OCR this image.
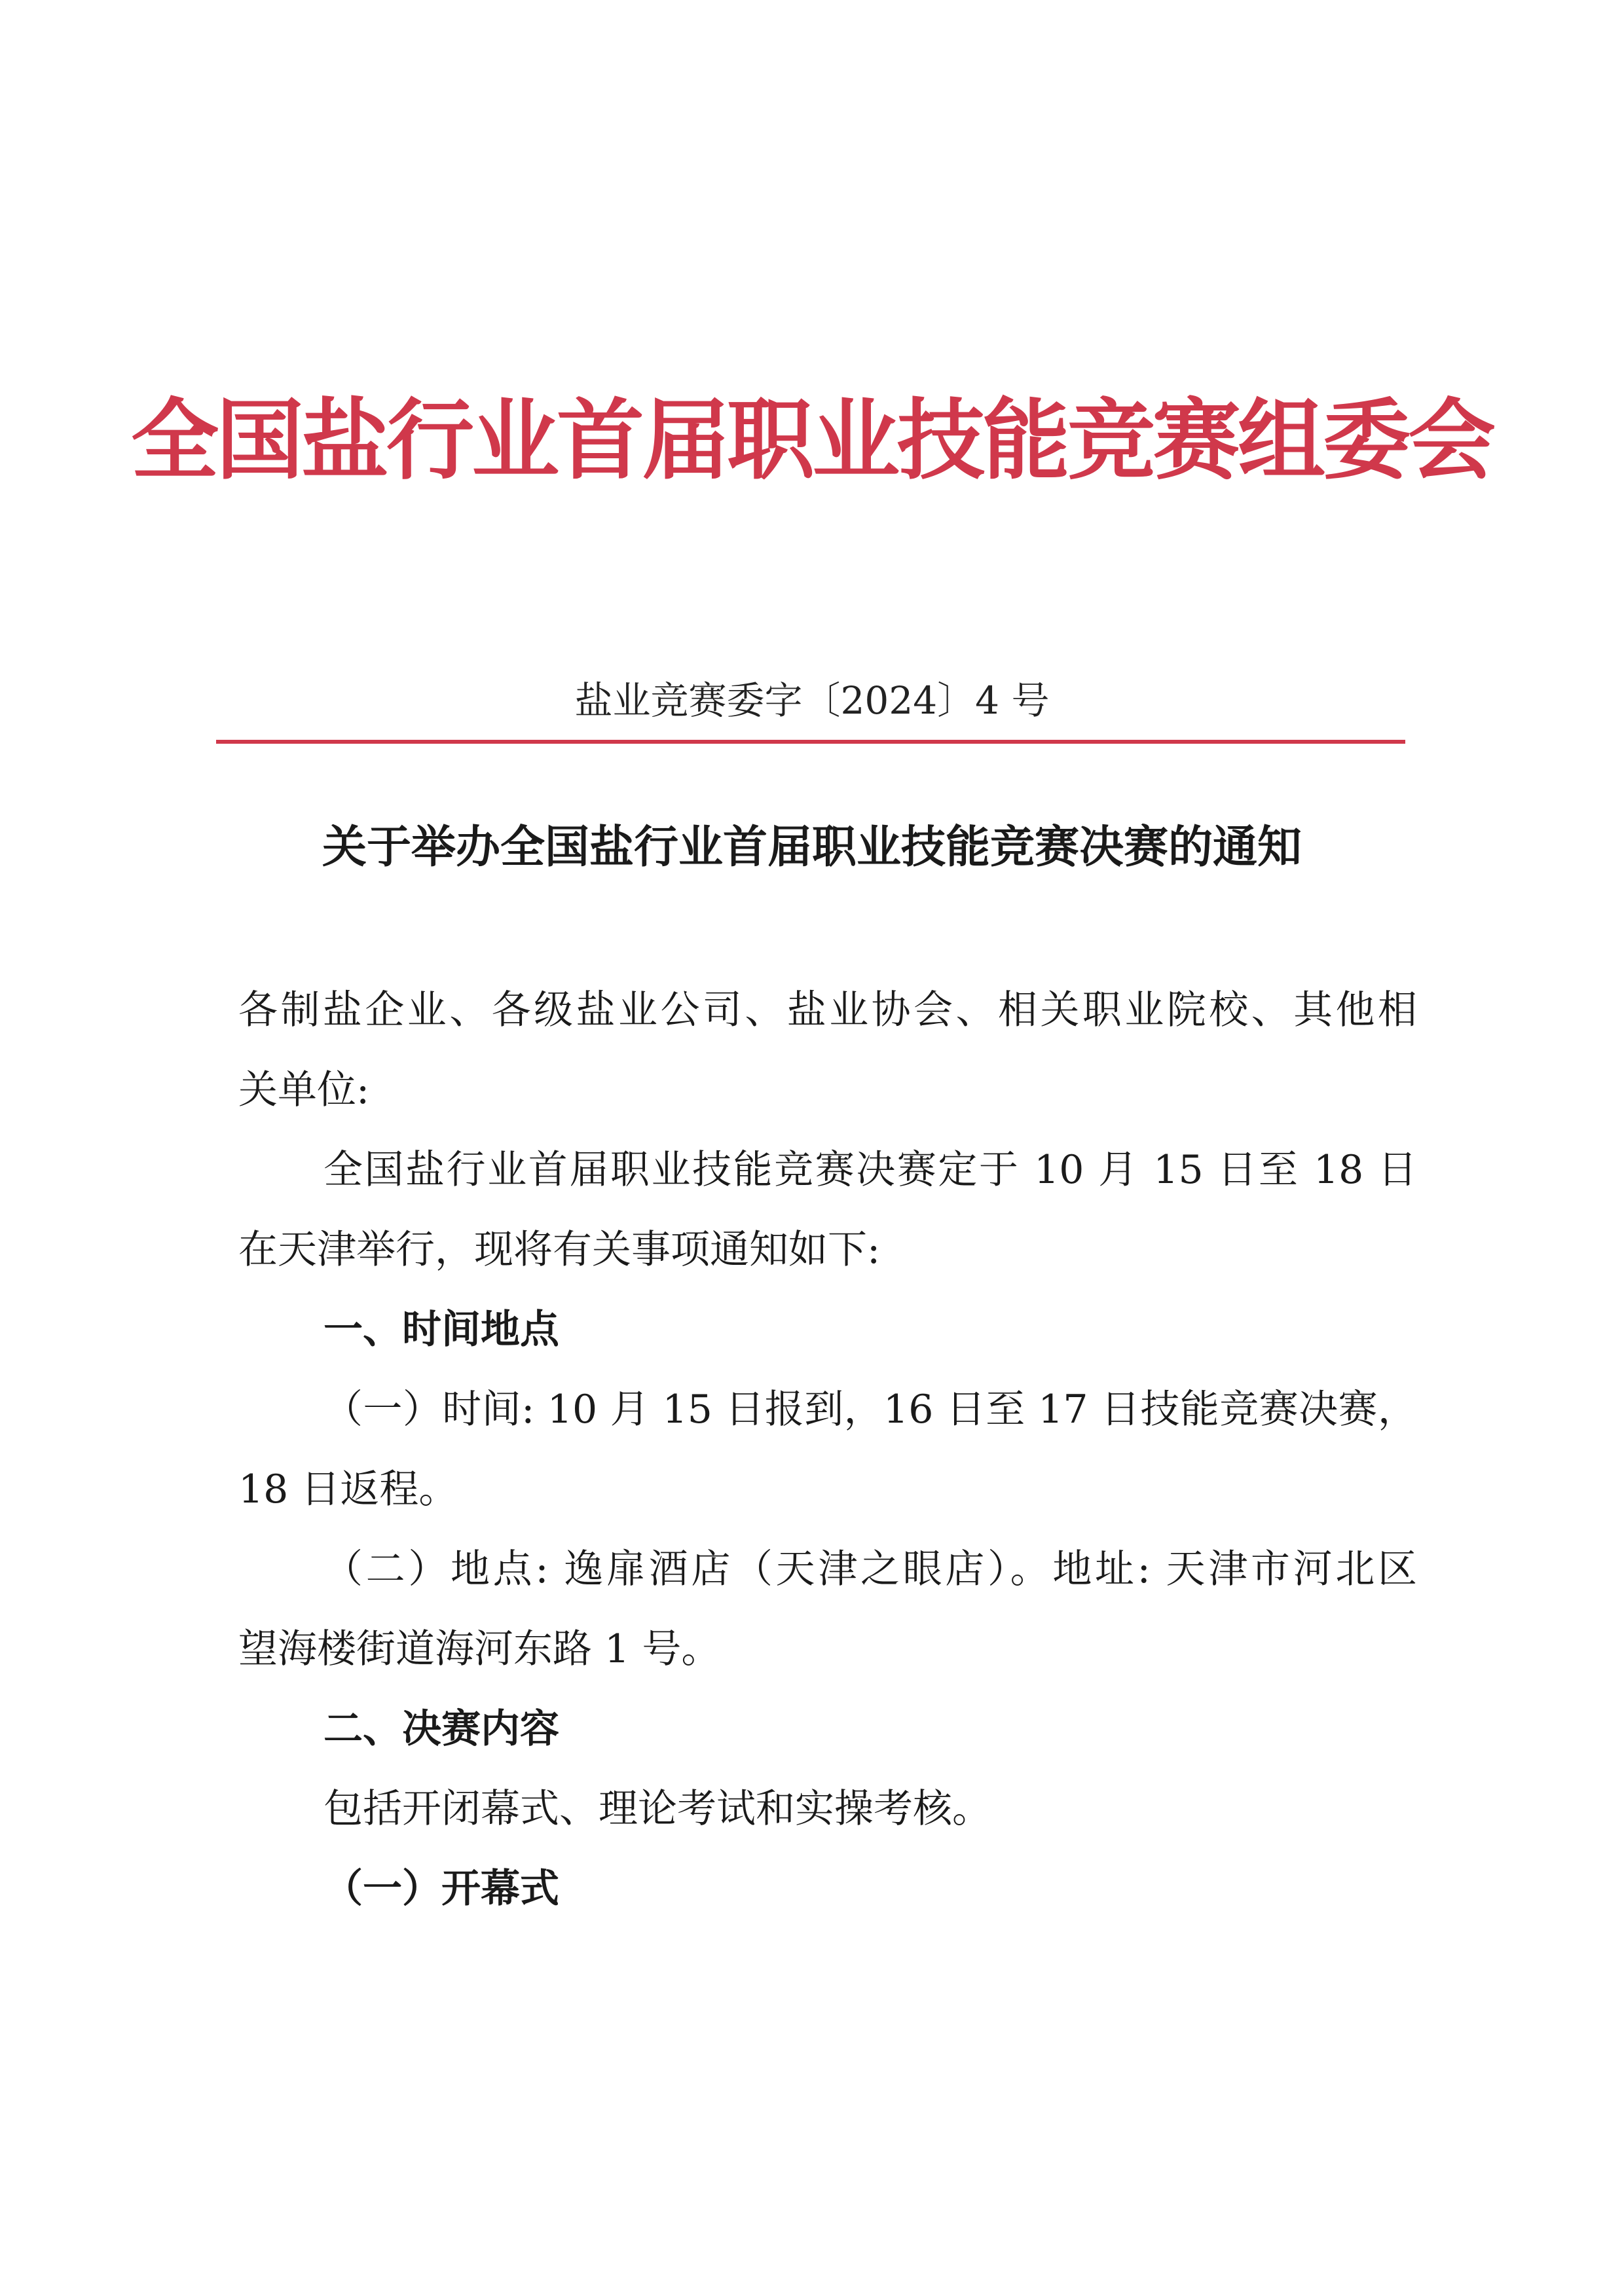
全国盐行业首届职业技能竞赛组委会
盐业竞赛委字〔2024〕4 号
关于举办全国盐行业首届职业技能竞赛决赛的通知
各制盐企业、各级盐业公司、盐业协会、相关职业院校、其他相
关单位:
全国盐行业首届职业技能竞赛决赛定于 10 月 15 日至 18 日
在天津举行，现将有关事项通知如下:
一、时间地点
（一）时间: 10 月 15 日报到，16 日至 17 日技能竞赛决赛，
18 日返程。
（二）地点: 逸扉酒店（天津之眼店）。地址: 天津市河北区
望海楼街道海河东路 1 号。
二、决赛内容
包括开闭幕式、理论考试和实操考核。
（一）开幕式
